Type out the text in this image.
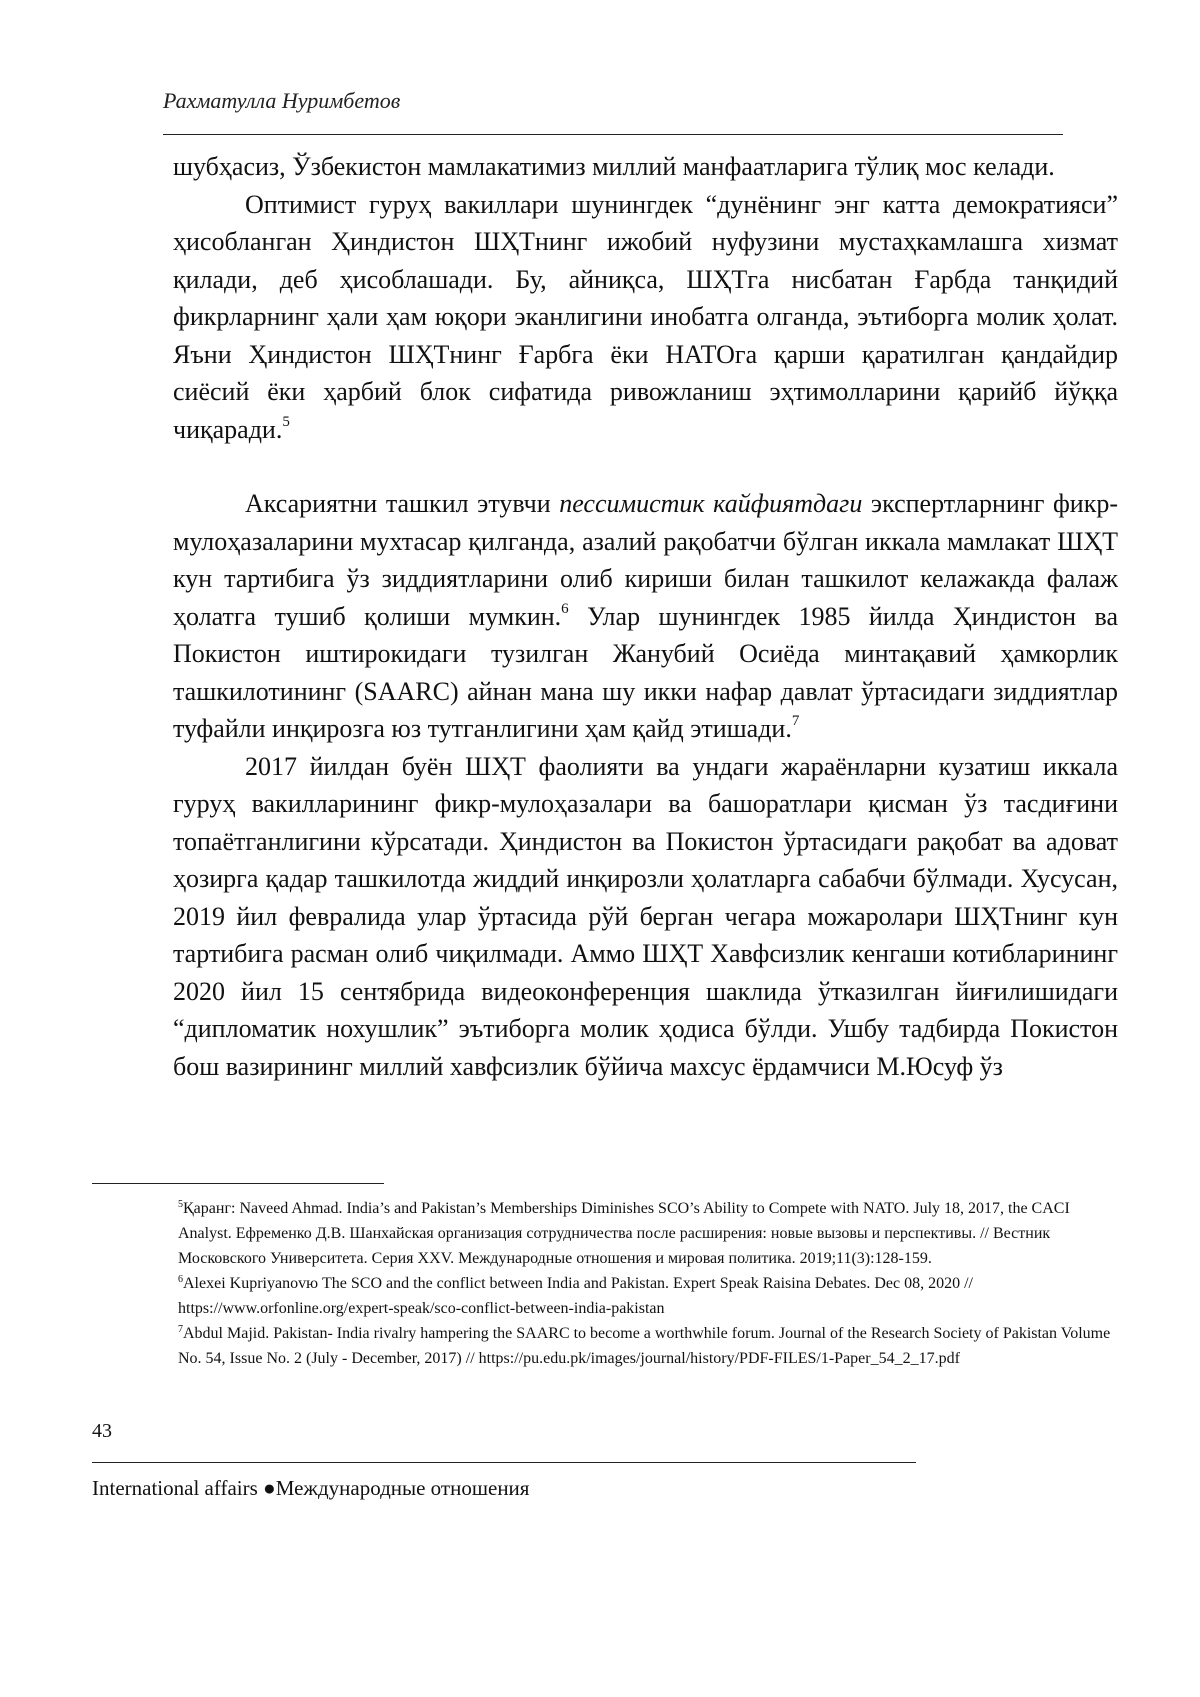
Рахматулла Нуримбетов

шубҳасиз, Ўзбекистон мамлакатимиз миллий манфаатларига тўлиқ мос келади.

Оптимист гуруҳ вакиллари шунингдек “дунёнинг энг катта демократияси” ҳисобланган Ҳиндистон ШҲТнинг ижобий нуфузини мустаҳкамлашга хизмат қилади, деб ҳисоблашади. Бу, айниқса, ШҲТга нисбатан Ғарбда танқидий фикрларнинг ҳали ҳам юқори эканлигини инобатга олганда, эътиборга молик ҳолат. Яъни Ҳиндистон ШҲТнинг Ғарбга ёки НАТОга қарши қаратилган қандайдир сиёсий ёки ҳарбий блок сифатида ривожланиш эҳтимолларини қарийб йўққа чиқаради.$^5$

Аксариятни ташкил этувчи пессимистик кайфиятдаги экспертларнинг фикр-мулоҳазаларини мухтасар қилганда, азалий рақобатчи бўлган иккала мамлакат ШҲТ кун тартибига ўз зиддиятларини олиб кириши билан ташкилот келажакда фалаж ҳолатга тушиб қолиши мумкин.$^6$ Улар шунингдек 1985 йилда Ҳиндистон ва Покистон иштирокидаги тузилган Жанубий Осиёда минтақавий ҳамкорлик ташкилотининг (SAARC) айнан мана шу икки нафар давлат ўртасидаги зиддиятлар туфайли инқирозга юз тутганлигини ҳам қайд этишади.$^7$

2017 йилдан буён ШҲТ фаолияти ва ундаги жараёнларни кузатиш иккала гуруҳ вакилларининг фикр-мулоҳазалари ва башоратлари қисман ўз тасдиғини топаётганлигини кўрсатади. Ҳиндистон ва Покистон ўртасидаги рақобат ва адоват ҳозирга қадар ташкилотда жиддий инқирозли ҳолатларга сабабчи бўлмади. Хусусан, 2019 йил февралида улар ўртасида рўй берган чегара можаролари ШҲТнинг кун тартибига расман олиб чиқилмади. Аммо ШҲТ Хавфсизлик кенгаши котибларининг 2020 йил 15 сентябрида видеоконференция шаклида ўтказилган йиғилишидаги “дипломатик нохушлик” эътиборга молик ҳодиса бўлди. Ушбу тадбирда Покистон бош вазирининг миллий хавфсизлик бўйича махсус ёрдамчиси М.Юсуф ўз

$^5$Қаранг: Naveed Ahmad. India’s and Pakistan’s Memberships Diminishes SCO’s Ability to Compete with NATO. July 18, 2017, the CACI Analyst. Ефременко Д.В. Шанхайская организация сотрудничества после расширения: новые вызовы и перспективы. // Вестник Московского Университета. Серия XXV. Международные отношения и мировая политика. 2019;11(3):128-159.

$^6$Alexei Kupriyanovю The SCO and the conflict between India and Pakistan. Expert Speak Raisina Debates. Dec 08, 2020 // https://www.orfonline.org/expert-speak/sco-conflict-between-india-pakistan

$^7$Abdul Majid. Pakistan- India rivalry hampering the SAARC to become a worthwhile forum. Journal of the Research Society of Pakistan Volume No. 54, Issue No. 2 (July - December, 2017) // https://pu.edu.pk/images/journal/history/PDF-FILES/1-Paper_54_2_17.pdf

43
International affairs ●Международные отношения
